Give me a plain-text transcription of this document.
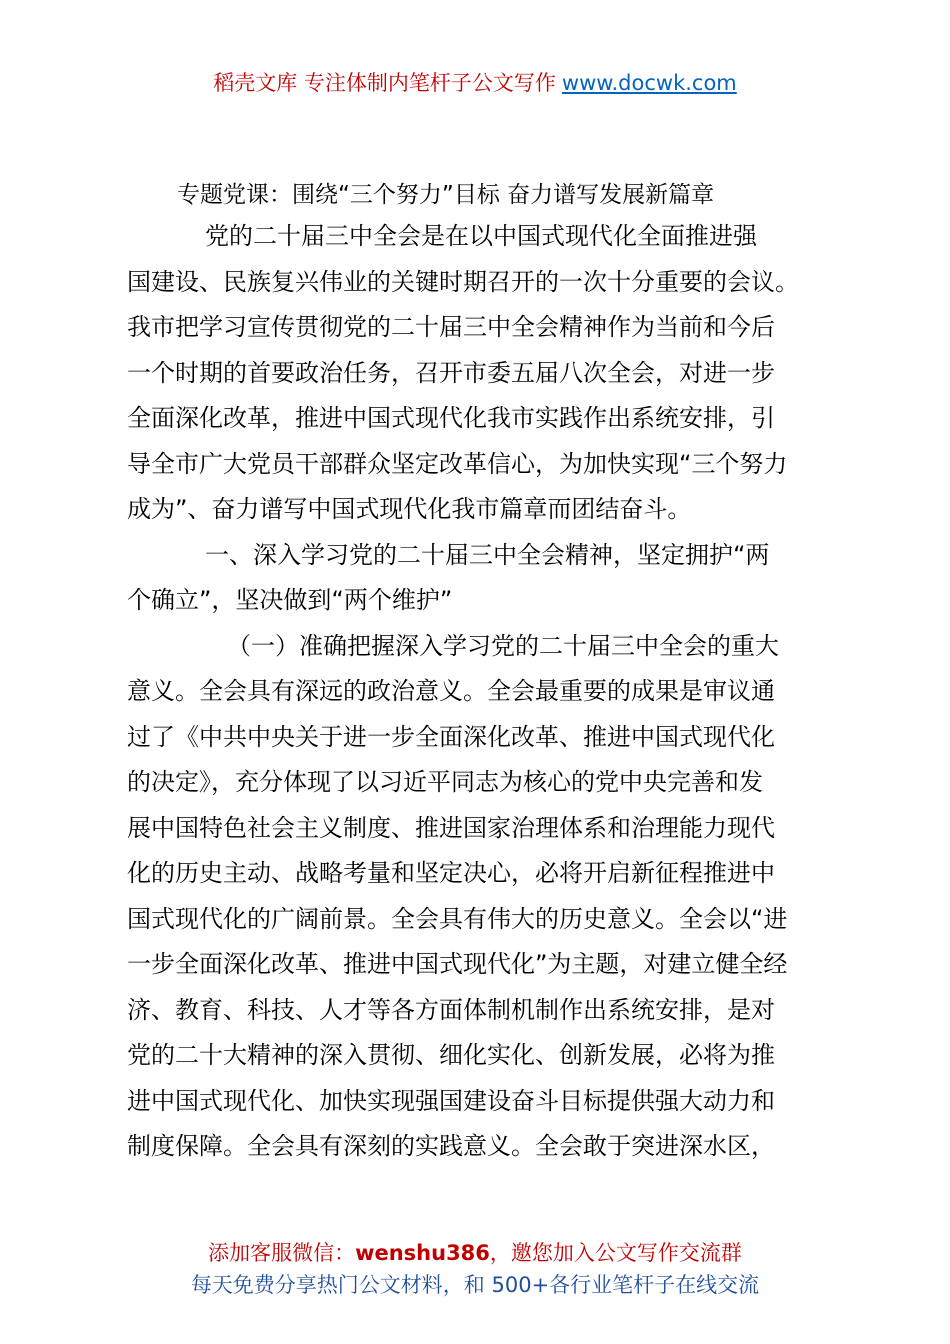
稻壳文库 专注体制内笔杆子公文写作 www.docwk.com
专题党课：围绕“三个努力”目标 奋力谱写发展新篇章
党的二十届三中全会是在以中国式现代化全面推进强
国建设、民族复兴伟业的关键时期召开的一次十分重要的会议。
我市把学习宣传贯彻党的二十届三中全会精神作为当前和今后
一个时期的首要政治任务，召开市委五届八次全会，对进一步
全面深化改革，推进中国式现代化我市实践作出系统安排，引
导全市广大党员干部群众坚定改革信心，为加快实现“三个努力
成为”、奋力谱写中国式现代化我市篇章而团结奋斗。
一、深入学习党的二十届三中全会精神，坚定拥护“两
个确立”，坚决做到“两个维护”
（一）准确把握深入学习党的二十届三中全会的重大
意义。全会具有深远的政治意义。全会最重要的成果是审议通
过了《中共中央关于进一步全面深化改革、推进中国式现代化
的决定》，充分体现了以习近平同志为核心的党中央完善和发
展中国特色社会主义制度、推进国家治理体系和治理能力现代
化的历史主动、战略考量和坚定决心，必将开启新征程推进中
国式现代化的广阔前景。全会具有伟大的历史意义。全会以“进
一步全面深化改革、推进中国式现代化”为主题，对建立健全经
济、教育、科技、人才等各方面体制机制作出系统安排，是对
党的二十大精神的深入贯彻、细化实化、创新发展，必将为推
进中国式现代化、加快实现强国建设奋斗目标提供强大动力和
制度保障。全会具有深刻的实践意义。全会敢于突进深水区，
添加客服微信：wenshu386，邀您加入公文写作交流群
每天免费分享热门公文材料，和 500+各行业笔杆子在线交流
